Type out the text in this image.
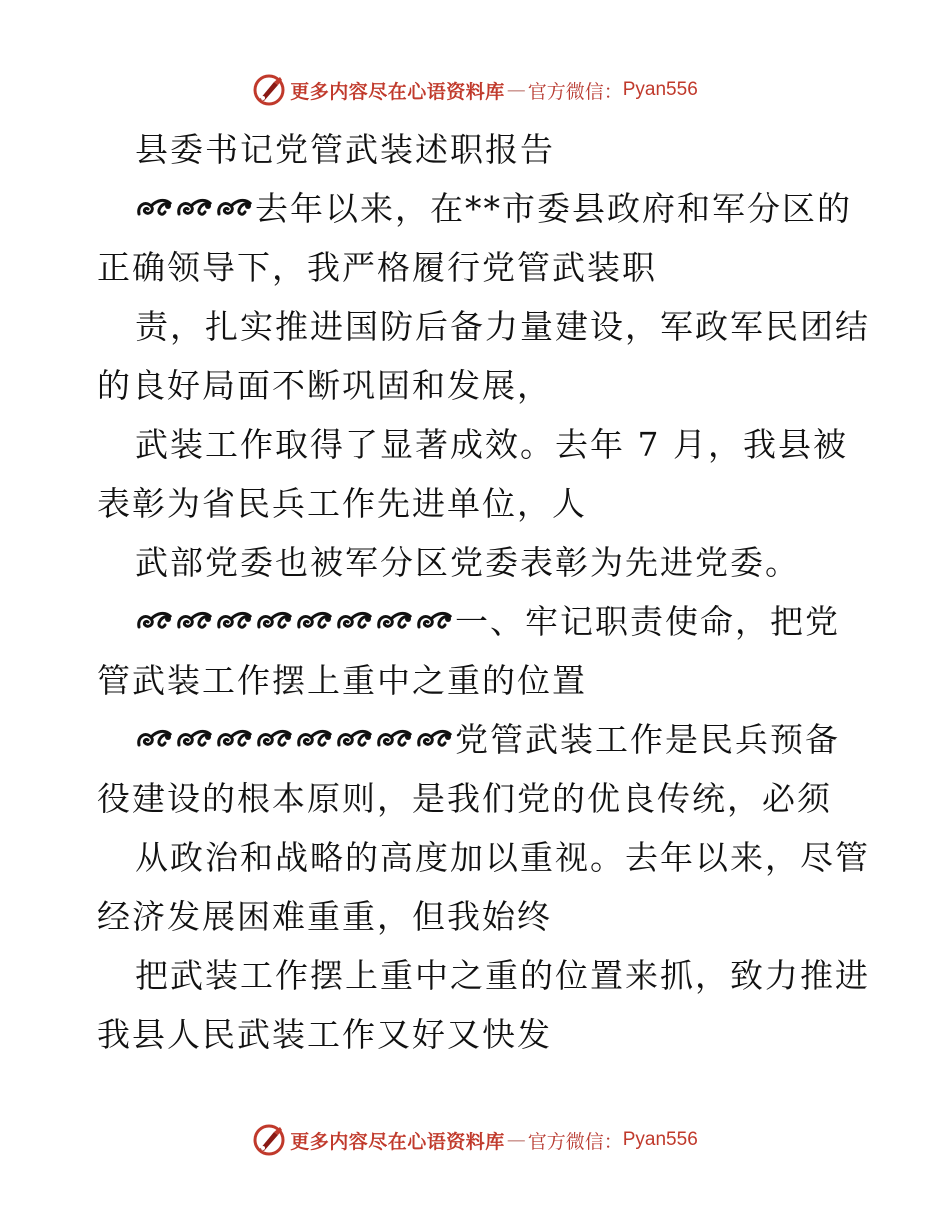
更多内容尽在心语资料库 — 官方微信： Pyan556
县委书记党管武装述职报告
去年以来，在**市委县政府和军分区的
正确领导下，我严格履行党管武装职
责，扎实推进国防后备力量建设，军政军民团结
的良好局面不断巩固和发展，
武装工作取得了显著成效。去年 7 月，我县被
表彰为省民兵工作先进单位，人
武部党委也被军分区党委表彰为先进党委。
一、牢记职责使命，把党
管武装工作摆上重中之重的位置
党管武装工作是民兵预备
役建设的根本原则，是我们党的优良传统，必须
从政治和战略的高度加以重视。去年以来，尽管
经济发展困难重重，但我始终
把武装工作摆上重中之重的位置来抓，致力推进
我县人民武装工作又好又快发
更多内容尽在心语资料库 — 官方微信： Pyan556
